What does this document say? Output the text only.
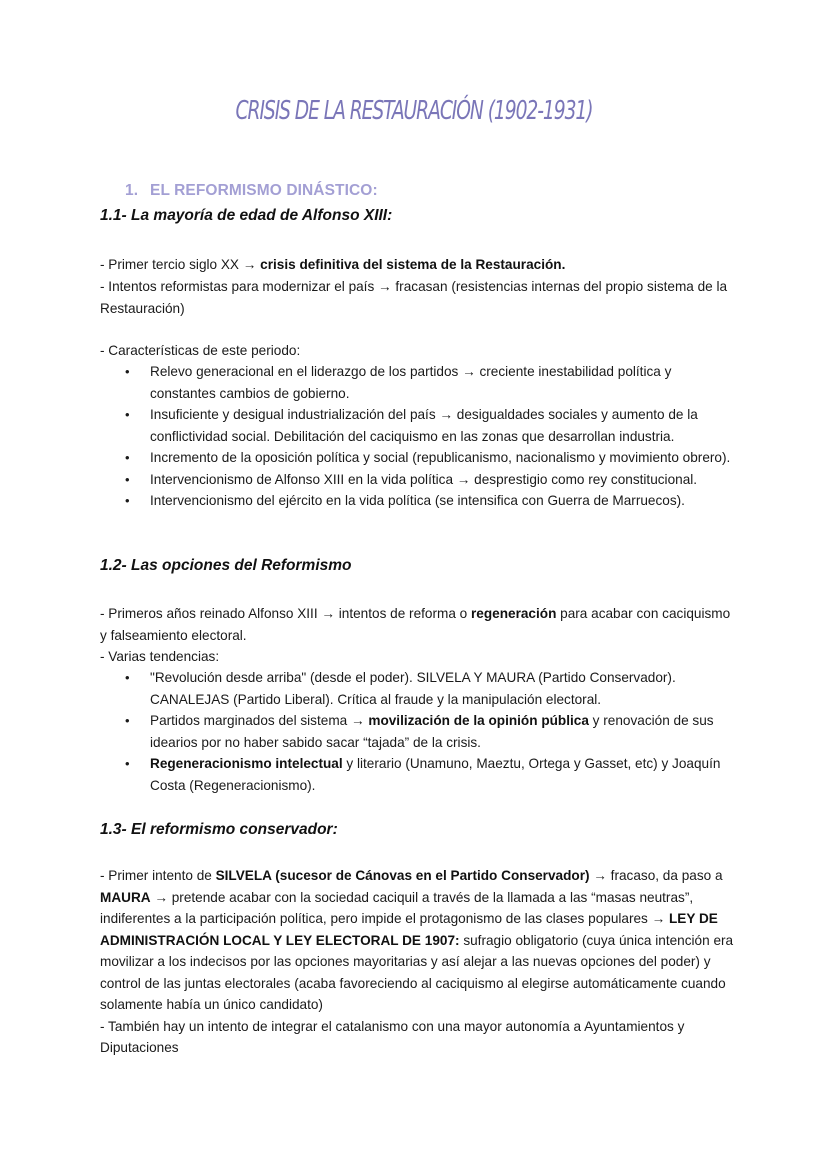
CRISIS DE LA RESTAURACIÓN (1902-1931)
1. EL REFORMISMO DINÁSTICO:
1.1- La mayoría de edad de Alfonso XIII:
- Primer tercio siglo XX → crisis definitiva del sistema de la Restauración.
- Intentos reformistas para modernizar el país → fracasan (resistencias internas del propio sistema de la Restauración)
- Características de este periodo:
• Relevo generacional en el liderazgo de los partidos → creciente inestabilidad política y constantes cambios de gobierno.
• Insuficiente y desigual industrialización del país → desigualdades sociales y aumento de la conflictividad social. Debilitación del caciquismo en las zonas que desarrollan industria.
• Incremento de la oposición política y social (republicanismo, nacionalismo y movimiento obrero).
• Intervencionismo de Alfonso XIII en la vida política → desprestigio como rey constitucional.
• Intervencionismo del ejército en la vida política (se intensifica con Guerra de Marruecos).
1.2- Las opciones del Reformismo
- Primeros años reinado Alfonso XIII → intentos de reforma o regeneración para acabar con caciquismo y falseamiento electoral.
- Varias tendencias:
• "Revolución desde arriba" (desde el poder). SILVELA Y MAURA (Partido Conservador). CANALEJAS (Partido Liberal). Crítica al fraude y la manipulación electoral.
• Partidos marginados del sistema → movilización de la opinión pública y renovación de sus idearios por no haber sabido sacar “tajada” de la crisis.
• Regeneracionismo intelectual y literario (Unamuno, Maeztu, Ortega y Gasset, etc) y Joaquín Costa (Regeneracionismo).
1.3- El reformismo conservador:
- Primer intento de SILVELA (sucesor de Cánovas en el Partido Conservador) → fracaso, da paso a MAURA → pretende acabar con la sociedad caciquil a través de la llamada a las “masas neutras”, indiferentes a la participación política, pero impide el protagonismo de las clases populares → LEY DE ADMINISTRACIÓN LOCAL Y LEY ELECTORAL DE 1907: sufragio obligatorio (cuya única intención era movilizar a los indecisos por las opciones mayoritarias y así alejar a las nuevas opciones del poder) y control de las juntas electorales (acaba favoreciendo al caciquismo al elegirse automáticamente cuando solamente había un único candidato)
- También hay un intento de integrar el catalanismo con una mayor autonomía a Ayuntamientos y Diputaciones
